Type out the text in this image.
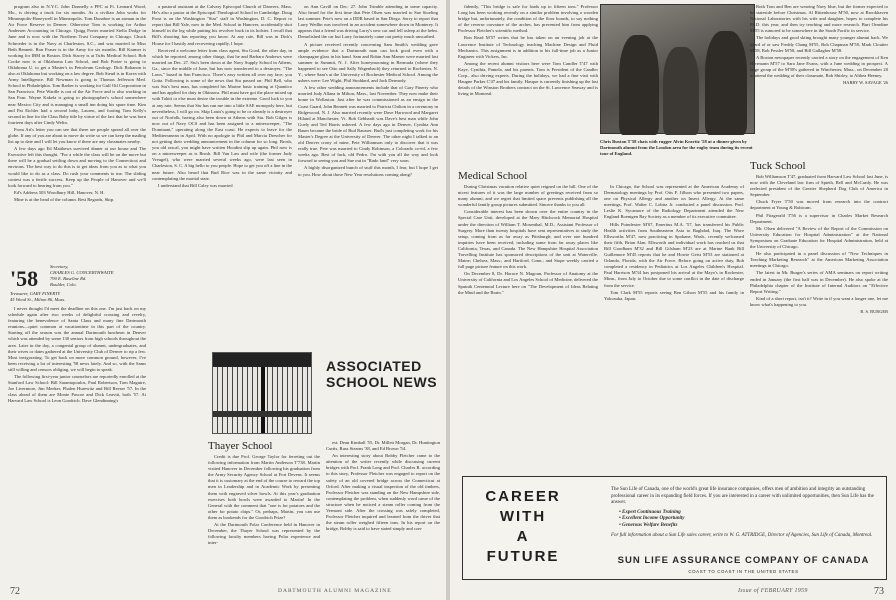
program also in N.Y.C. John Donnelly a PFC at Ft. Leonard Wood, Mo., is driving a truck for six months. As a civilian John works for Minneapolis-Honeywell in Minneapolis. Tom Donahoe is an airman in the Air Force Reserve in Denver. Otherwise Tom is working for Arthur Andersen Accounting in Chicago. Quigg Porter married Stella Dodge in June and is now with the Northern Trust Company in Chicago. Chuck Schroeder is in the Navy at Charleston, S.C., and was married to Miss Beth Bennett. Ron Fraser is in the Army for six months. Bill Kramer is working for IBM in Boston. Dick Stacey is at Tufts Medical School. Bob Cooke now is at Oklahoma Law School, and Bob Porter is going to Oklahoma U. to get a Master's in Petroleum Geology. Dick Bohanon is also at Oklahoma but working on a law degree. Bob Steud is in Korea with Army Intelligence. Bill Newman is going to Thomas Jefferson Med. School in Philadelphia. Tom Barber is working for Gulf Oil Corporation in San Francisco. Pete Wardle is out of the Air Force and is also working in San Fran. Wayne Kakela is going to photographer's school somewhere near Mexico City and is managing a small inn doing his spare time. Kim and Pat Eichler had a second baby, Lauren, and footing Tom Kelly's second in line for the Class Baby title by virtue of the fact that he was born fourteen days after Cindy Welin.

From Art's letter you can see that there are people spread all over the globe. If any of you are about to move do write so we can keep the mailing list up to date and I will let you know if there are any classmates nearby.

A few days ago Ed Matthews survived dinner at our house and The Executive left this thought. "For a while the class will be on the move but there will be a gradual settling down and moving to the Connecticut and environs. The best way to do this is to get ideas from you as to what you would like to do as a class. Do rush your comments to me. The sliding contest was a fertile success. Keep up the People of Hanover and we'll look forward to hearing from you."

Ed's Address 503 Woodbury Hill, Hanover, N. H.

Mine is at the head of the column. Best Regards, Skip.

'58	Secretary,
CHARLES G. CONCERTHWAITE
790 E. Baseline Rd.
Boulder, Colo.
Treasurer, GARY FINERTY
45 Wood St., Milton 86, Mass.

I never thought I'd meet the deadline on this one. I'm just back on my schedule again after two weeks of delightful crossing and revelry, featuring the benevolence of Santa Claus and many fine Dartmouth reunions—quiet common at vacationtime in this part of the country. Starting off the season was the annual Dartmouth luncheon in Denver which was attended by some 130 seniors from high schools throughout the area. Later in the day, a congenial group of alumni, undergraduates, and their wives or dates gathered at the University Club of Denver to rip a few. Most invigorating. To get back on more common ground, however, I've been receiving a lot of interesting '58 news lately. And so, with the Sams still willing and censors obliging, we will begin to speak.

The following first-year junior counselors are reportedly enrolled at the Stanford Law School: Bill Sarantopoulos, Paul Robertson, Tom Maguire, Joe Livermore, Jim Meeker, Phalen Hurewitz and Bill Reeser '57. In the class ahead of them are Monte Pascoe and Dick Leavitt, both '57. At Harvard Law School is Leon Goodrich. Dave Glendinning's

a pastoral assistant at the Calvary Episcopal Church of Danvers, Mass. He's also a pastor at the Episcopal Theological School in Cambridge. Doug Frost is on the Washington "Star" staff in Washington, D. C. Report to report that Bill Yale, now in the Med. School in Hanover, accidentally shot himself in the leg while putting his revolver back in its holster. I recall that Bill's shooting has reporting you know. At any rate, Bill was in Dick's House for I hastily and recovering rapidly, I hope.

Received a welcome letter from class agent, Stu Good, the other day, in which he reported, among other things, that he and Barbara Andrews were married on Dec. 27. Stu's been down at the Navy Supply School in Athens, Ga., since the middle of June, but has now transferred to a destroyer, "The Laws," based in San Francisco. There's easy written all over my face, you Gotta. Following is some of the news that Stu passed on: Phil Bell, who was Stu's best man, has completed his Marine basic training at Quantico and has applied for duty in Okinawa. Phil must have got the place mixed up with Tahiti or else must desire the trouble in the extreme. Good luck to you at any rate. Seems that Stu has run me into a little SAE monopoly here, but nevertheless, I will go on. Skip Louis's going to be or already is a destroyer out of Norfolk, having also been down at Athens with Stu. Bob Gilges is now out of Navy OCS and has been assigned to a minesweeper, "The Dominant," operating along the East coast. He expects to leave for the Mediterranean in April. With no apologie to Phil and Marcia Drescher for not getting their wedding announcement in the column for so long. Brosh, you old rascal, you might have written Hoodini slip up again. Phil now is on a minesweeper as is Brosh. Bill Van Law and wife (the former Judy Vreugel), who were married several weeks ago, were last seen in Charleston, S. C. A big hello to you people. Hope to get you off a line in the near future. Also heard that Bud Rice was in the same vicinity and contemplating the marital state.

I understand that Bill Caley was married

on Ann Cavill on Dec. 27. John Trimble attending in some capacity. Also heard for the first time that Pete Olsen was married to Sue Stoeling last summer. Pete's now on a DDR based in San Diego. Sorry to report that Larry Wedlin was involved in an accident somewhere down in Monterey. It appears that a friend was driving Larry's new car and fell asleep at the helm. Demolished the car but Larry fortunately came out pretty much unscathed.

A picture received recently concerning Sam Smith's wedding gave ample evidence that a Dartmouth man can look good even with a champagne glass in his hand. Sam and Robin Ann Maeser were married last summer in Summit, N. J. After honeymooning in Bermuda (where they happened to see Otto and Sally Wagenbach) they returned to Rochester, N. Y., where Sam's at the University of Rochester Medical School. Among the ushers were: Lee Wight, Phil Stoddard, and Jack Dermody.

A few other wedding announcements include that of Gary Finerty who married Judy Allana in Milton, Mass., last November. They now make their home in Wollaston. Just after he was commissioned as an ensign in the Coast Guard, John Bennett was married to Patricia Chilton in a ceremony in Ridgewood, N. J. Also married recently were Dave Harwood and Margaret Hiland at Manchester, Vt. Bob Gebhardt was Dave's best man while John Goely and Ted Harris ushered. A few days ago in Denver, Cynthia Ann Bauer became the bride of Bud Rausser. Bud's just completing work for his Master's Degree at the University of Denver. The other night I talked to an old Denver crony of mine, Pete Williamson only to discover that it was really true. Pete was married to Cindy Robinson, a Colorado co-ed, a few weeks ago. Best of luck, old Pedro. I'm with you all the way and look forward to seeing you and Sue out in "Rado land" very soon.

A highly disorganized bunch of stuff this month, I fear, but I hope I get to you. How about those New Year resolutions coming along?

ASSOCIATED
SCHOOL NEWS
Thayer School

Credit is due Prof. George Taylor for ferreting out the following information from Martin Anderson T'738. Martin visited Hanover in December following his graduation from the Army Security Agency School at Fort Devens. It seems that it is customary at the end of the course to reward the top men in Leadership and in Academic Work by presenting them with engraved silver bowls. At this year's graduation exercises both bowls were awarded to Martin! In the General with the comment that "one is for potatoes and the other for potato chips." Or, perhaps, Martin, you can use them as bookends for the Goodrich Prize?

At the Dartmouth Polar Conference held in Hanover in December, the Thayer School was represented by the following faculty members having Polar experience and inter-

est: Dean Kimball '55, Dr. Millett Morgan, Dr. Huntington Curtis, Russ Stearns '38, and Ed Brown '54.

An interesting story about Bobby Fletcher came to the attention of the writer recently while discussing current bridges with Prof. Frank Long and Prof. Charles R. according to this story, Professor Fletcher was engaged to report on the safety of an old covered bridge across the Connecticut at Orford. After making a visual inspection of the old timbers, Professor Fletcher was standing on the New Hampshire side, contemplating the problem, when suddenly word came of the structure when he noticed a steam roller coming from the Vermont side. After the crossing was safely completed, Professor Fletcher inquired and learned from the driver that the steam roller weighed fifteen tons. In his report on the bridge, Bobby is said to have stated simply and con-

72	DARTMOUTH ALUMNI MAGAZINE

fidently, "This bridge is safe for loads up to fifteen tons." Professor Long has been working recently on a similar problem involving a wooden bridge but, unfortunately, the condition of the floor boards, to say nothing of the reverse curvature of the arches, has prevented him from applying Professor Fletcher's scientific method.

Ron Read M'57 writes that he has taken on an evening job at the Lawrence Institute of Technology teaching Machine Design and Fluid Mechanics. This assignment is in addition to his full-time job as a Junior Engineer with Vickers, Inc.

Among the recent alumni visitors here were Tom Candler T'47 with Kaye, Cynthia, Pamela, and his parents. Tom is President of the Candler Corp., also driving experts. During the holidays, we had a fine visit with Haugne Parker C'47 and his family. Hasque is currently finishing up the last details of the Winston Brothers contract on the St. Lawrence Seaway and is living in Montreal.

Medical School

During Christmas vacation relative quiet reigned on the hill. One of the nicest features of it was the large number of greetings received from so many alumni, and we regret that limited space prevents publishing all the wonderful family group pictures submitted. Sincere thanks to you all.

Considerable interest has been shown over the entire country in the Special Care Unit, developed at the Mary Hitchcock Memorial Hospital under the direction of William T. Mosenthal, M.D., Assistant Professor of Surgery. More than twenty hospitals have sent representatives to study the setup, coming from as far away as Pittsburgh; and over one hundred inquiries have been received, including some from far away places like California, Texas, and Canada. The New Hampshire Hospital Association Travelling Institute has sponsored descriptions of the unit at Waterville, Maine; Chelsea, Mass.; and Hartford, Conn.; and Stope weekly carried a full page picture feature on this work.

On December 8, Dr. Horace N. Magoun, Professor of Anatomy at the University of California and Los Angeles School of Medicine, delivered the Sputnik Centennial Lecture here on "The Development of Ideas Relating the Mind and the Brain."

Chris Buxton T'58 chats with rugger Alvin Kravtiz '58 at a dinner given by Dartmouth alumni from the London area for the rugby team during its recent tour of England.

In Chicago, the School was represented at the American Academy of Dermatology meetings by Prof. Otis F. Jillson who presented two papers, one on Physical Allergy and another on Insect Allergy. At the same meetings, Prof. Walter C. Lobitz Jr. conducted a panel discussion. Prof. Leslie K. Sycamore of the Radiology Department attended the New England Roentgen Ray Society as a member of its executive committee.

Hills Poindexter M'07, Emeritus M.A. '57, has transferred his Public Health activities from Southeastern Asia to Baghdad, Iraq. The Wave Ellsworths M'47, now practicing in Spokane, Wash., recently welcomed their fifth, Brian Alan. Ellsworth and individual work has reached us that Bill Goodbarn M'32 and Bill Gilsham M'23 are at Marine Bank Bill Guillemore M'45 reports that he and Howie Geist M'53 are stationed at Orlando, Florida, with the Air Force. Before going on active duty, Bob completed a residency in Pediatrics at Los Angeles Children's Hospital. Paul Harrison M'34 has postponed his arrival at the Mayo's in Rochester, Minn., from July to October due to some conflict in the date of discharge from the service.

Tom Clark M'55 reports seeing Ben Gilson M'55 and his family in Yokosuka, Japan.

Both Tom and Ben are wearing Navy blue, but the former expected to be stateside before Christmas. Al Rittenhouse M'50, now at Brookhaven National Laboratories with his wife and daughter, hopes to complete his Ph.D. this year, and then try teaching and more research. Burt Ormdine M'55 is rumored to be somewhere in the South Pacific in service.

The holidays and good skiing brought many younger alumni back. We heard of or saw Freddy Chang M'55, Bob Chapman M'58, Mark Cloutier M'58, Bob Fessler M'58, and Bill Gallagher M'58.

A Boston newspaper recently carried a story on the engagement of Ken Herrmann M'57 to Sara Jane Evans, with a June wedding in prospect. A large group of the M'58's gathered in Winchester, Mass., on December 20 to attend the wedding of their classmate, Bob Shirley, to Althea Heeney.

HARRY W. SAVAGE '26
Tuck School

Bob Williamson T'47, graduated from Harvard Law School last June, is now with the Cleveland law firm of Spieth, Bell and McCurdy. He was reelected president of the Greater Shepherd Dog Club of America in September.

Chuck Fryer T'50 was moved from research into the contract department at Young & Rubicam.

Phil Fitzgerald T'56 is a supervisor in Charles Market Research Department.

Mr. Olsen delivered "A Review of the Report of the Commission on University Education for Hospital Administration" at the National Symposium on Graduate Education for Hospital Administration, held at the University of Chicago.

He also participated in a panel discussion of "New Techniques in Teaching Marketing Research" at the American Marketing Association meetings in Chicago.

The latest in Mr. Burger's series of AMA seminars on report writing ended in January (the first half was in December). He also spoke at the Philadelphia chapter of the Institute of Internal Auditors on "Effective Report Writing."

Kind of a short report, isn't it? Write in if you want a longer one, let me know what's happening to you.

R. S. BURGER
CAREER
WITH
A
FUTURE
The Sun Life of Canada, one of the world's great life insurance companies, offers men of ambition and integrity an outstanding professional career in its expanding field forces. If you are interested in a career with unlimited opportunities, then Sun Life has the answer.
• Expert Continuous Training
• Excellent Income Opportunity
• Generous Welfare Benefits
For full information about a Sun Life sales career, write to W. G. ATTRIDGE, Director of Agencies, Sun Life of Canada, Montreal.
SUN LIFE ASSURANCE COMPANY OF CANADA
COAST TO COAST IN THE UNITED STATES
Issue of FEBRUARY 1959	73
